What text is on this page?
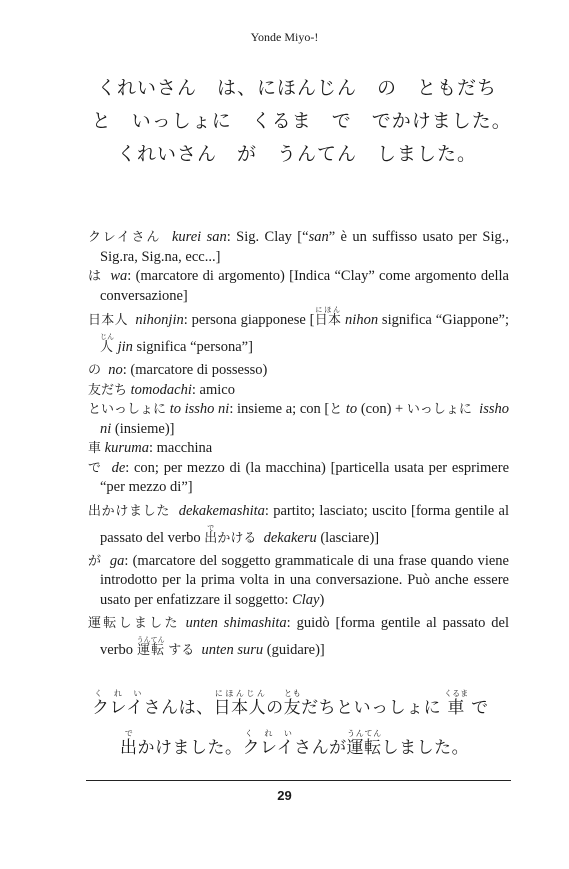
Yonde Miyo-!
くれいさん　は、にほんじん　の　ともだち　と　いっしょに　くるま　で　でかけました。　くれいさん　が　うんてん　しました。
クレイさん kurei san: Sig. Clay [“san” è un suffisso usato per Sig., Sig.ra, Sig.na, ecc...]
は wa: (marcatore di argomento) [Indica “Clay” come argomento della conversazione]
日本人 nihonjin: persona giapponese [日本にほん nihon significa “Giappone”; 人じん jin significa “persona”]
の no: (marcatore di possesso)
友だち tomodachi: amico
といっしょに to issho ni: insieme a; con [と to (con) + いっしょに issho ni (insieme)]
車 kuruma: macchina
で de: con; per mezzo di (la macchina) [particella usata per esprimere “per mezzo di”]
出かけました dekakemashita: partito; lasciato; uscito [forma gentile al passato del verbo 出でかける dekakeru (lasciare)]
が ga: (marcatore del soggetto grammaticale di una frase quando viene introdotto per la prima volta in una conversazione. Può anche essere usato per enfatizzare il soggetto: Clay)
運転しました unten shimashita: guidò [forma gentile al passato del verbo 運転うんてん する unten suru (guidare)]
クレイく れ いさんは、日本人にほんじんの友ともだちといっしょに 車くるま で
出でかけました。クレイく れ いさんが運転うんてんしました。
29
